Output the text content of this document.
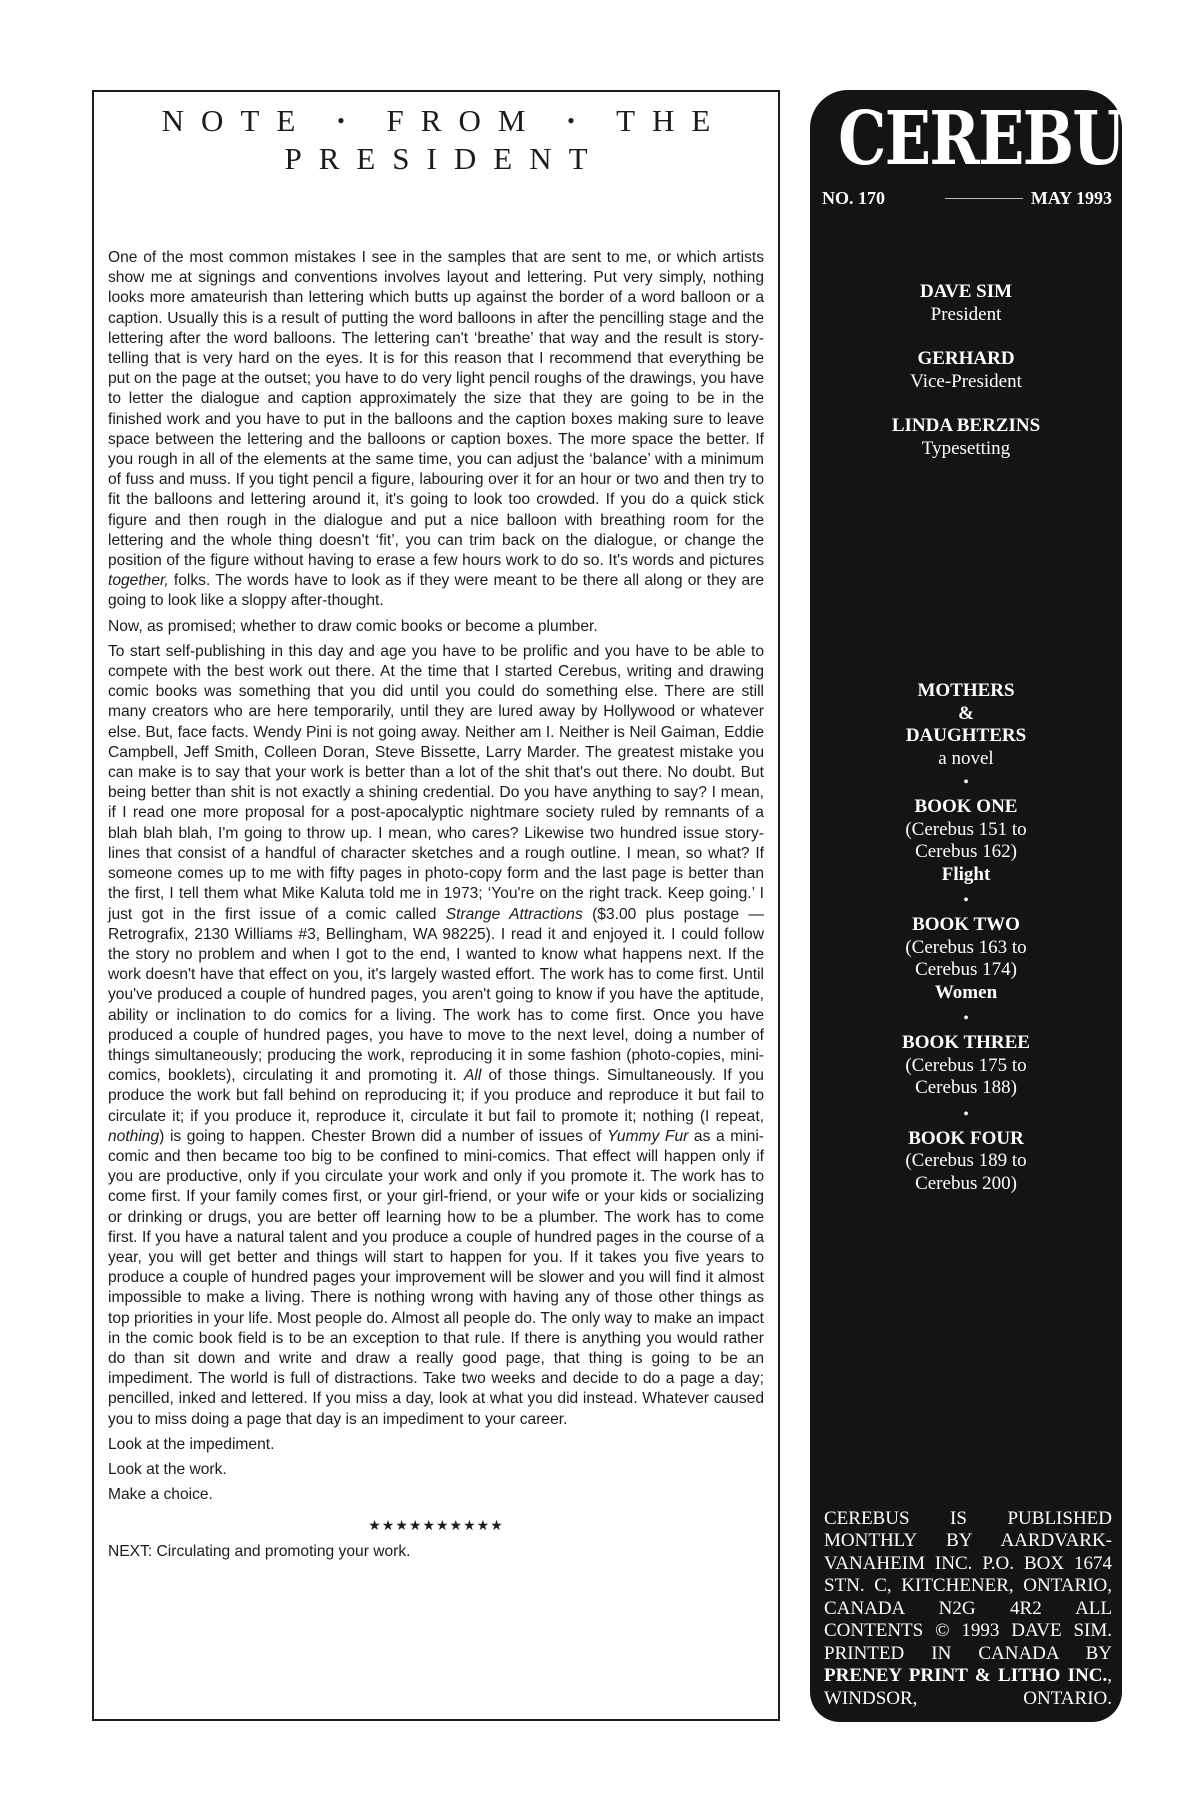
NOTE • FROM • THE
PRESIDENT

One of the most common mistakes I see in the samples that are sent to me, or which artists show me at signings and conventions involves layout and lettering. Put very simply, nothing looks more amateurish than lettering which butts up against the border of a word balloon or a caption. Usually this is a result of putting the word balloons in after the pencilling stage and the lettering after the word balloons. The lettering can't ‘breathe’ that way and the result is story-telling that is very hard on the eyes. It is for this reason that I recommend that everything be put on the page at the outset; you have to do very light pencil roughs of the drawings, you have to letter the dialogue and caption approximately the size that they are going to be in the finished work and you have to put in the balloons and the caption boxes making sure to leave space between the lettering and the balloons or caption boxes. The more space the better. If you rough in all of the elements at the same time, you can adjust the ‘balance’ with a minimum of fuss and muss. If you tight pencil a figure, labouring over it for an hour or two and then try to fit the balloons and lettering around it, it's going to look too crowded. If you do a quick stick figure and then rough in the dialogue and put a nice balloon with breathing room for the lettering and the whole thing doesn't ‘fit’, you can trim back on the dialogue, or change the position of the figure without having to erase a few hours work to do so. It's words and pictures together, folks. The words have to look as if they were meant to be there all along or they are going to look like a sloppy after-thought.

Now, as promised; whether to draw comic books or become a plumber.

To start self-publishing in this day and age you have to be prolific and you have to be able to compete with the best work out there. At the time that I started Cerebus, writing and drawing comic books was something that you did until you could do something else. There are still many creators who are here temporarily, until they are lured away by Hollywood or whatever else. But, face facts. Wendy Pini is not going away. Neither am I. Neither is Neil Gaiman, Eddie Campbell, Jeff Smith, Colleen Doran, Steve Bissette, Larry Marder. The greatest mistake you can make is to say that your work is better than a lot of the shit that's out there. No doubt. But being better than shit is not exactly a shining credential. Do you have anything to say? I mean, if I read one more proposal for a post-apocalyptic nightmare society ruled by remnants of a blah blah blah, I'm going to throw up. I mean, who cares? Likewise two hundred issue story-lines that consist of a handful of character sketches and a rough outline. I mean, so what? If someone comes up to me with fifty pages in photo-copy form and the last page is better than the first, I tell them what Mike Kaluta told me in 1973; ‘You're on the right track. Keep going.’ I just got in the first issue of a comic called Strange Attractions ($3.00 plus postage — Retrografix, 2130 Williams #3, Bellingham, WA 98225). I read it and enjoyed it. I could follow the story no problem and when I got to the end, I wanted to know what happens next. If the work doesn't have that effect on you, it's largely wasted effort. The work has to come first. Until you've produced a couple of hundred pages, you aren't going to know if you have the aptitude, ability or inclination to do comics for a living. The work has to come first. Once you have produced a couple of hundred pages, you have to move to the next level, doing a number of things simultaneously; producing the work, reproducing it in some fashion (photo-copies, mini-comics, booklets), circulating it and promoting it. All of those things. Simultaneously. If you produce the work but fall behind on reproducing it; if you produce and reproduce it but fail to circulate it; if you produce it, reproduce it, circulate it but fail to promote it; nothing (I repeat, nothing) is going to happen. Chester Brown did a number of issues of Yummy Fur as a mini-comic and then became too big to be confined to mini-comics. That effect will happen only if you are productive, only if you circulate your work and only if you promote it. The work has to come first. If your family comes first, or your girl-friend, or your wife or your kids or socializing or drinking or drugs, you are better off learning how to be a plumber. The work has to come first. If you have a natural talent and you produce a couple of hundred pages in the course of a year, you will get better and things will start to happen for you. If it takes you five years to produce a couple of hundred pages your improvement will be slower and you will find it almost impossible to make a living. There is nothing wrong with having any of those other things as top priorities in your life. Most people do. Almost all people do. The only way to make an impact in the comic book field is to be an exception to that rule. If there is anything you would rather do than sit down and write and draw a really good page, that thing is going to be an impediment. The world is full of distractions. Take two weeks and decide to do a page a day; pencilled, inked and lettered. If you miss a day, look at what you did instead. Whatever caused you to miss doing a page that day is an impediment to your career.

Look at the impediment.

Look at the work.

Make a choice.

★★★★★★★★★★

NEXT: Circulating and promoting your work.

CEREBUS
NO. 170	MAY 1993
DAVE SIM
President
GERHARD
Vice-President
LINDA BERZINS
Typesetting
MOTHERS
&
DAUGHTERS
a novel
•
BOOK ONE
(Cerebus 151 to
Cerebus 162)
Flight
•
BOOK TWO
(Cerebus 163 to
Cerebus 174)
Women
•
BOOK THREE
(Cerebus 175 to
Cerebus 188)
•
BOOK FOUR
(Cerebus 189 to
Cerebus 200)
CEREBUS IS PUBLISHED MONTHLY BY AARDVARK-VANAHEIM INC. P.O. BOX 1674 STN. C, KITCHENER, ONTARIO, CANADA N2G 4R2 ALL CONTENTS © 1993 DAVE SIM. PRINTED IN CANADA BY PRENEY PRINT & LITHO INC., WINDSOR, ONTARIO.
